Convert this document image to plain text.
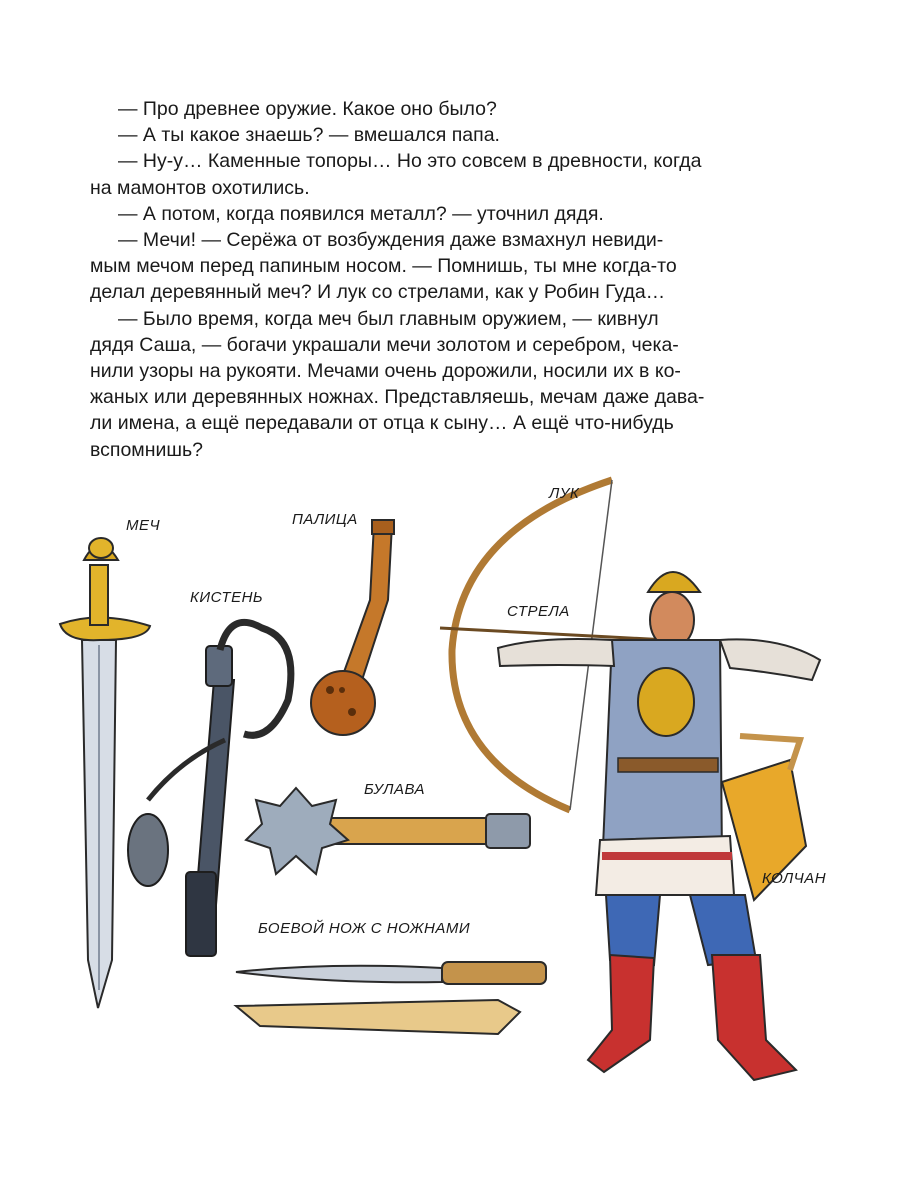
— Про древнее оружие. Какое оно было?
— А ты какое знаешь? — вмешался папа.
— Ну-у… Каменные топоры… Но это совсем в древности, когда
на мамонтов охотились.
— А потом, когда появился металл? — уточнил дядя.
— Мечи! — Серёжа от возбуждения даже взмахнул невиди-
мым мечом перед папиным носом. — Помнишь, ты мне когда-то
делал деревянный меч? И лук со стрелами, как у Робин Гуда…
— Было время, когда меч был главным оружием, — кивнул
дядя Саша, — богачи украшали мечи золотом и серебром, чека-
нили узоры на рукояти. Мечами очень дорожили, носили их в ко-
жаных или деревянных ножнах. Представляешь, мечам даже дава-
ли имена, а ещё передавали от отца к сыну… А ещё что-нибудь
вспомнишь?
МЕЧ
КИСТЕНЬ
ПАЛИЦА
ЛУК
СТРЕЛА
БУЛАВА
БОЕВОЙ НОЖ С НОЖНАМИ
КОЛЧАН
